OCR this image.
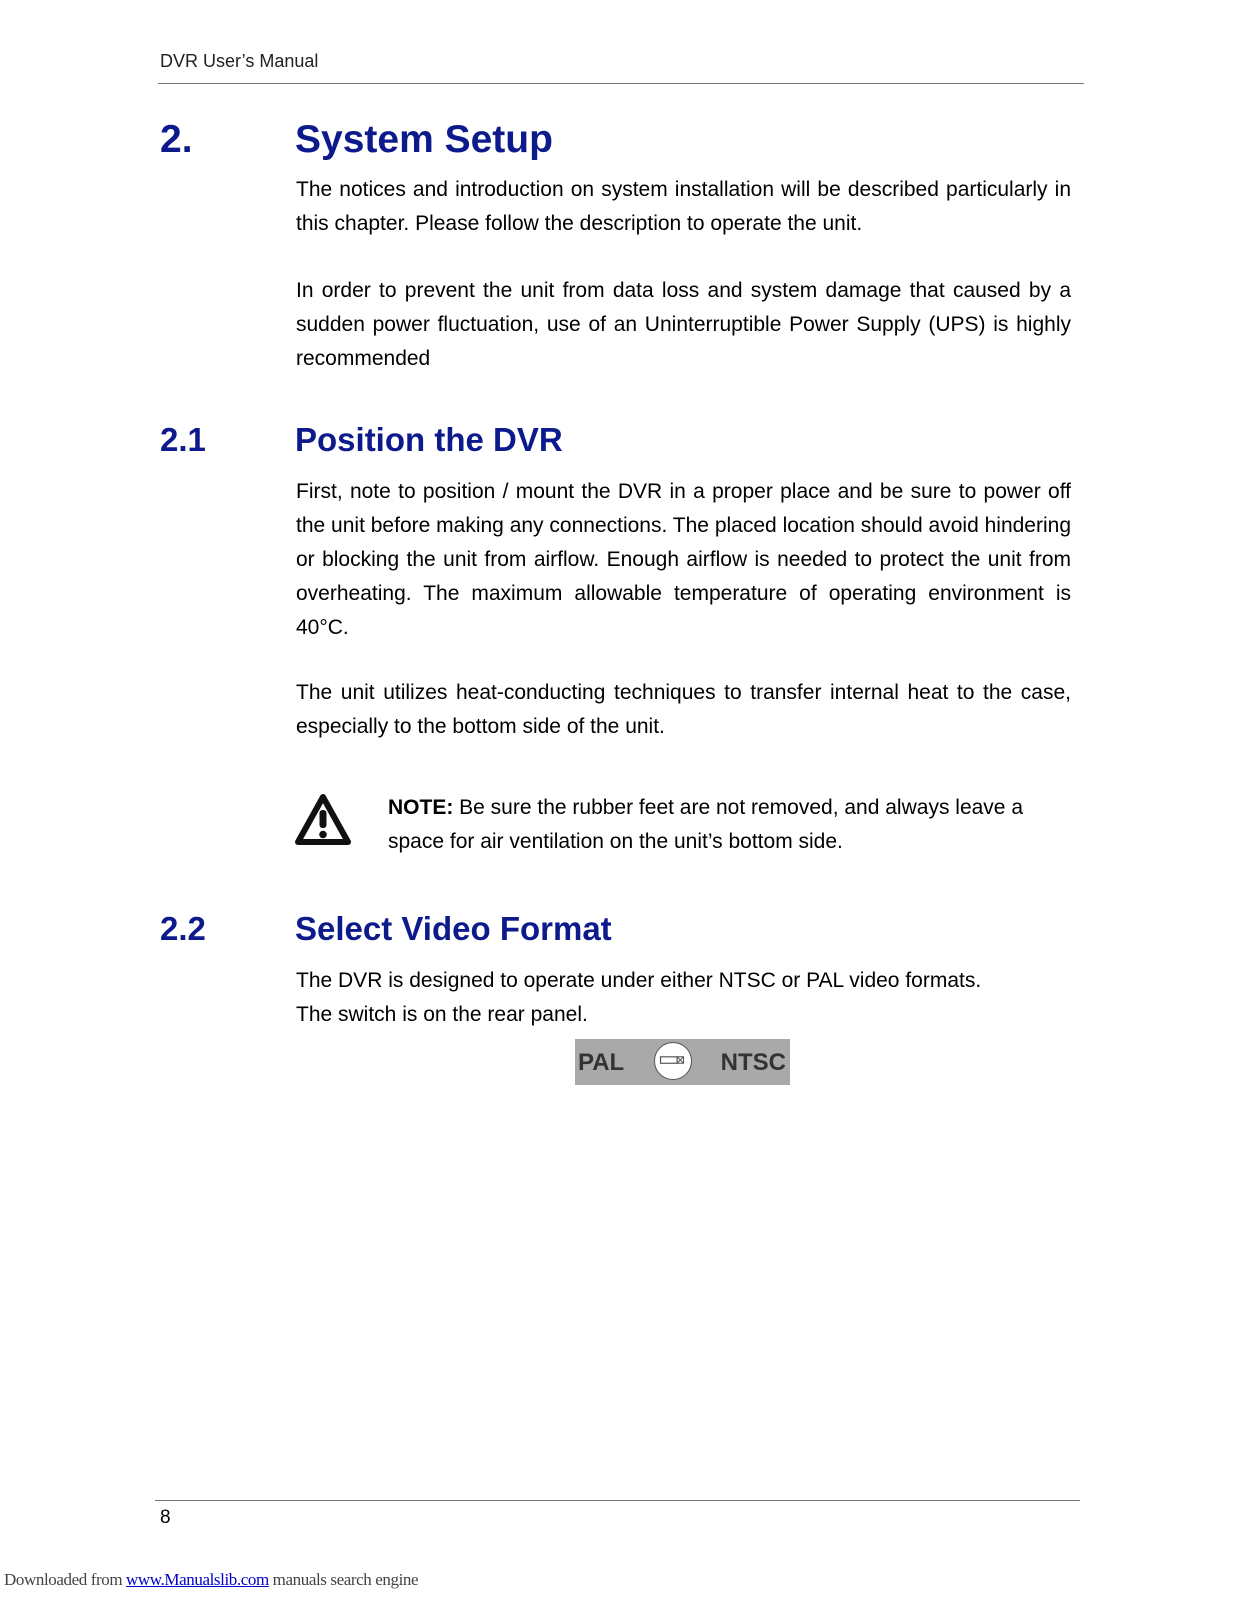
DVR User’s Manual
2.	System Setup

The notices and introduction on system installation will be described particularly in this chapter. Please follow the description to operate the unit.

In order to prevent the unit from data loss and system damage that caused by a sudden power fluctuation, use of an Uninterruptible Power Supply (UPS) is highly recommended

2.1	Position the DVR

First, note to position / mount the DVR in a proper place and be sure to power off the unit before making any connections. The placed location should avoid hindering or blocking the unit from airflow. Enough airflow is needed to protect the unit from overheating. The maximum allowable temperature of operating environment is 40°C.

The unit utilizes heat-conducting techniques to transfer internal heat to the case, especially to the bottom side of the unit.

NOTE: Be sure the rubber feet are not removed, and always leave a space for air ventilation on the unit’s bottom side.

2.2	Select Video Format

The DVR is designed to operate under either NTSC or PAL video formats.

The switch is on the rear panel.

PAL	NTSC
8
Downloaded from www.Manualslib.com manuals search engine
